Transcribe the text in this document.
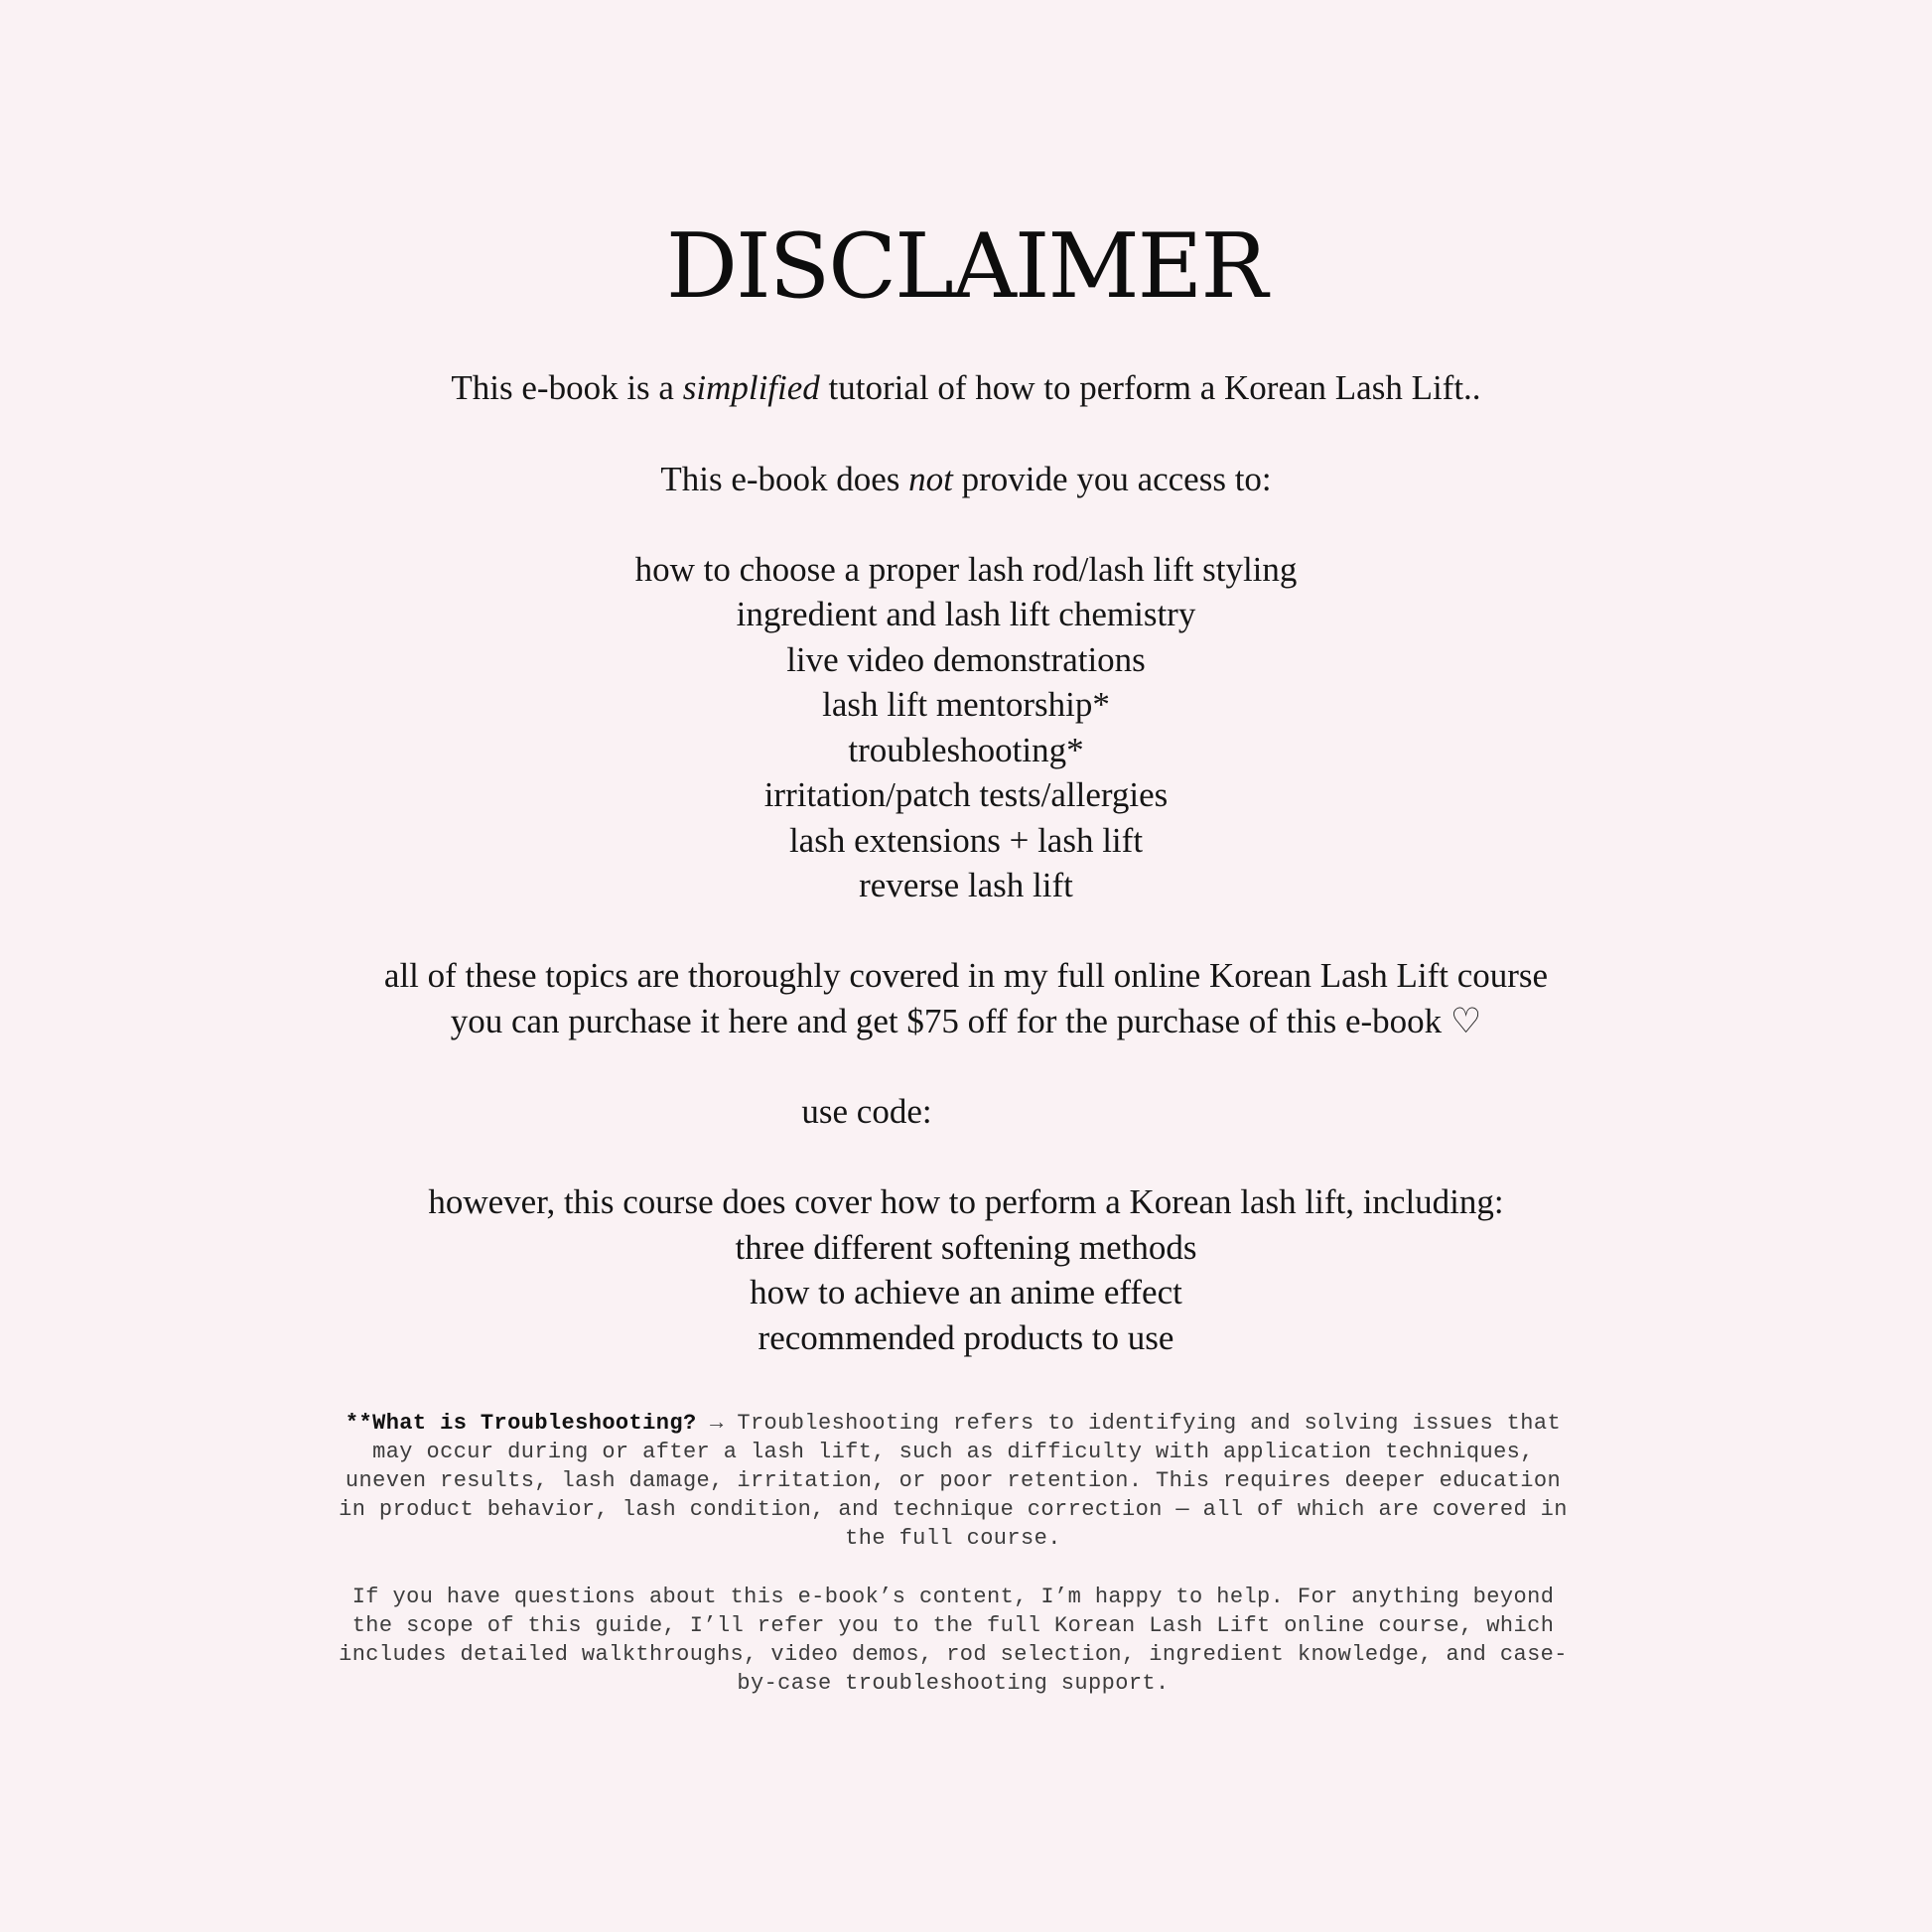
DISCLAIMER

This e-book is a simplified tutorial of how to perform a Korean Lash Lift..

This e-book does not provide you access to:

how to choose a proper lash rod/lash lift styling

ingredient and lash lift chemistry

live video demonstrations

lash lift mentorship*

troubleshooting*

irritation/patch tests/allergies

lash extensions + lash lift

reverse lash lift

all of these topics are thoroughly covered in my full online Korean Lash Lift course

you can purchase it here and get $75 off for the purchase of this e-book ♡

use code:

however, this course does cover how to perform a Korean lash lift, including:

three different softening methods

how to achieve an anime effect

recommended products to use

**What is Troubleshooting? → Troubleshooting refers to identifying and solving issues that may occur during or after a lash lift, such as difficulty with application techniques, uneven results, lash damage, irritation, or poor retention. This requires deeper education in product behavior, lash condition, and technique correction — all of which are covered in the full course.

If you have questions about this e-book’s content, I’m happy to help. For anything beyond the scope of this guide, I’ll refer you to the full Korean Lash Lift online course, which includes detailed walkthroughs, video demos, rod selection, ingredient knowledge, and case-by-case troubleshooting support.
